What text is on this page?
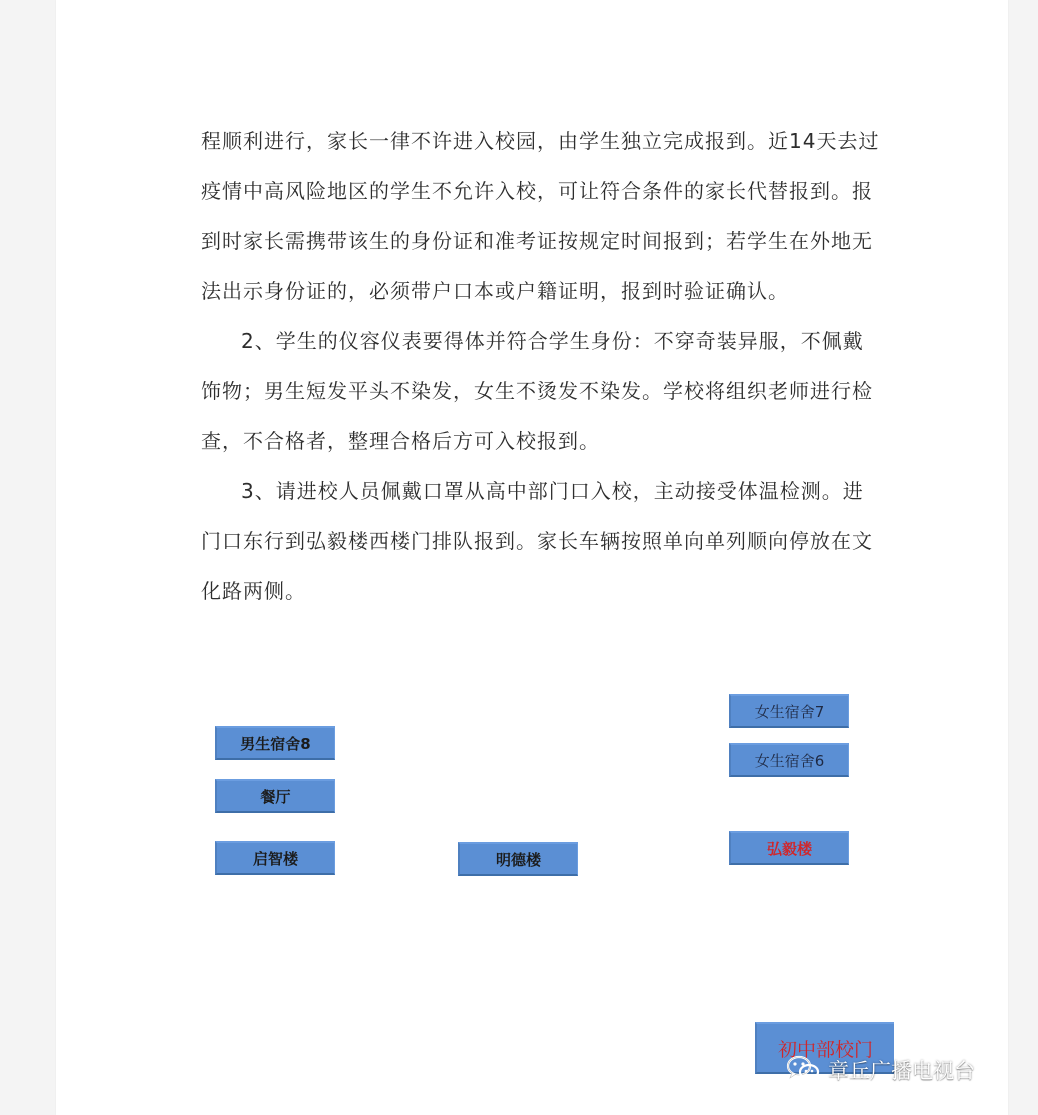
程顺利进行，家长一律不许进入校园，由学生独立完成报到。近14天去过疫情中高风险地区的学生不允许入校，可让符合条件的家长代替报到。报到时家长需携带该生的身份证和准考证按规定时间报到；若学生在外地无法出示身份证的，必须带户口本或户籍证明，报到时验证确认。

2、学生的仪容仪表要得体并符合学生身份：不穿奇装异服，不佩戴饰物；男生短发平头不染发，女生不烫发不染发。学校将组织老师进行检查，不合格者，整理合格后方可入校报到。

3、请进校人员佩戴口罩从高中部门口入校，主动接受体温检测。进门口东行到弘毅楼西楼门排队报到。家长车辆按照单向单列顺向停放在文化路两侧。

男生宿舍8
餐厅
启智楼	明德楼
女生宿舍7
女生宿舍6
弘毅楼
初中部校门
章丘广播电视台
